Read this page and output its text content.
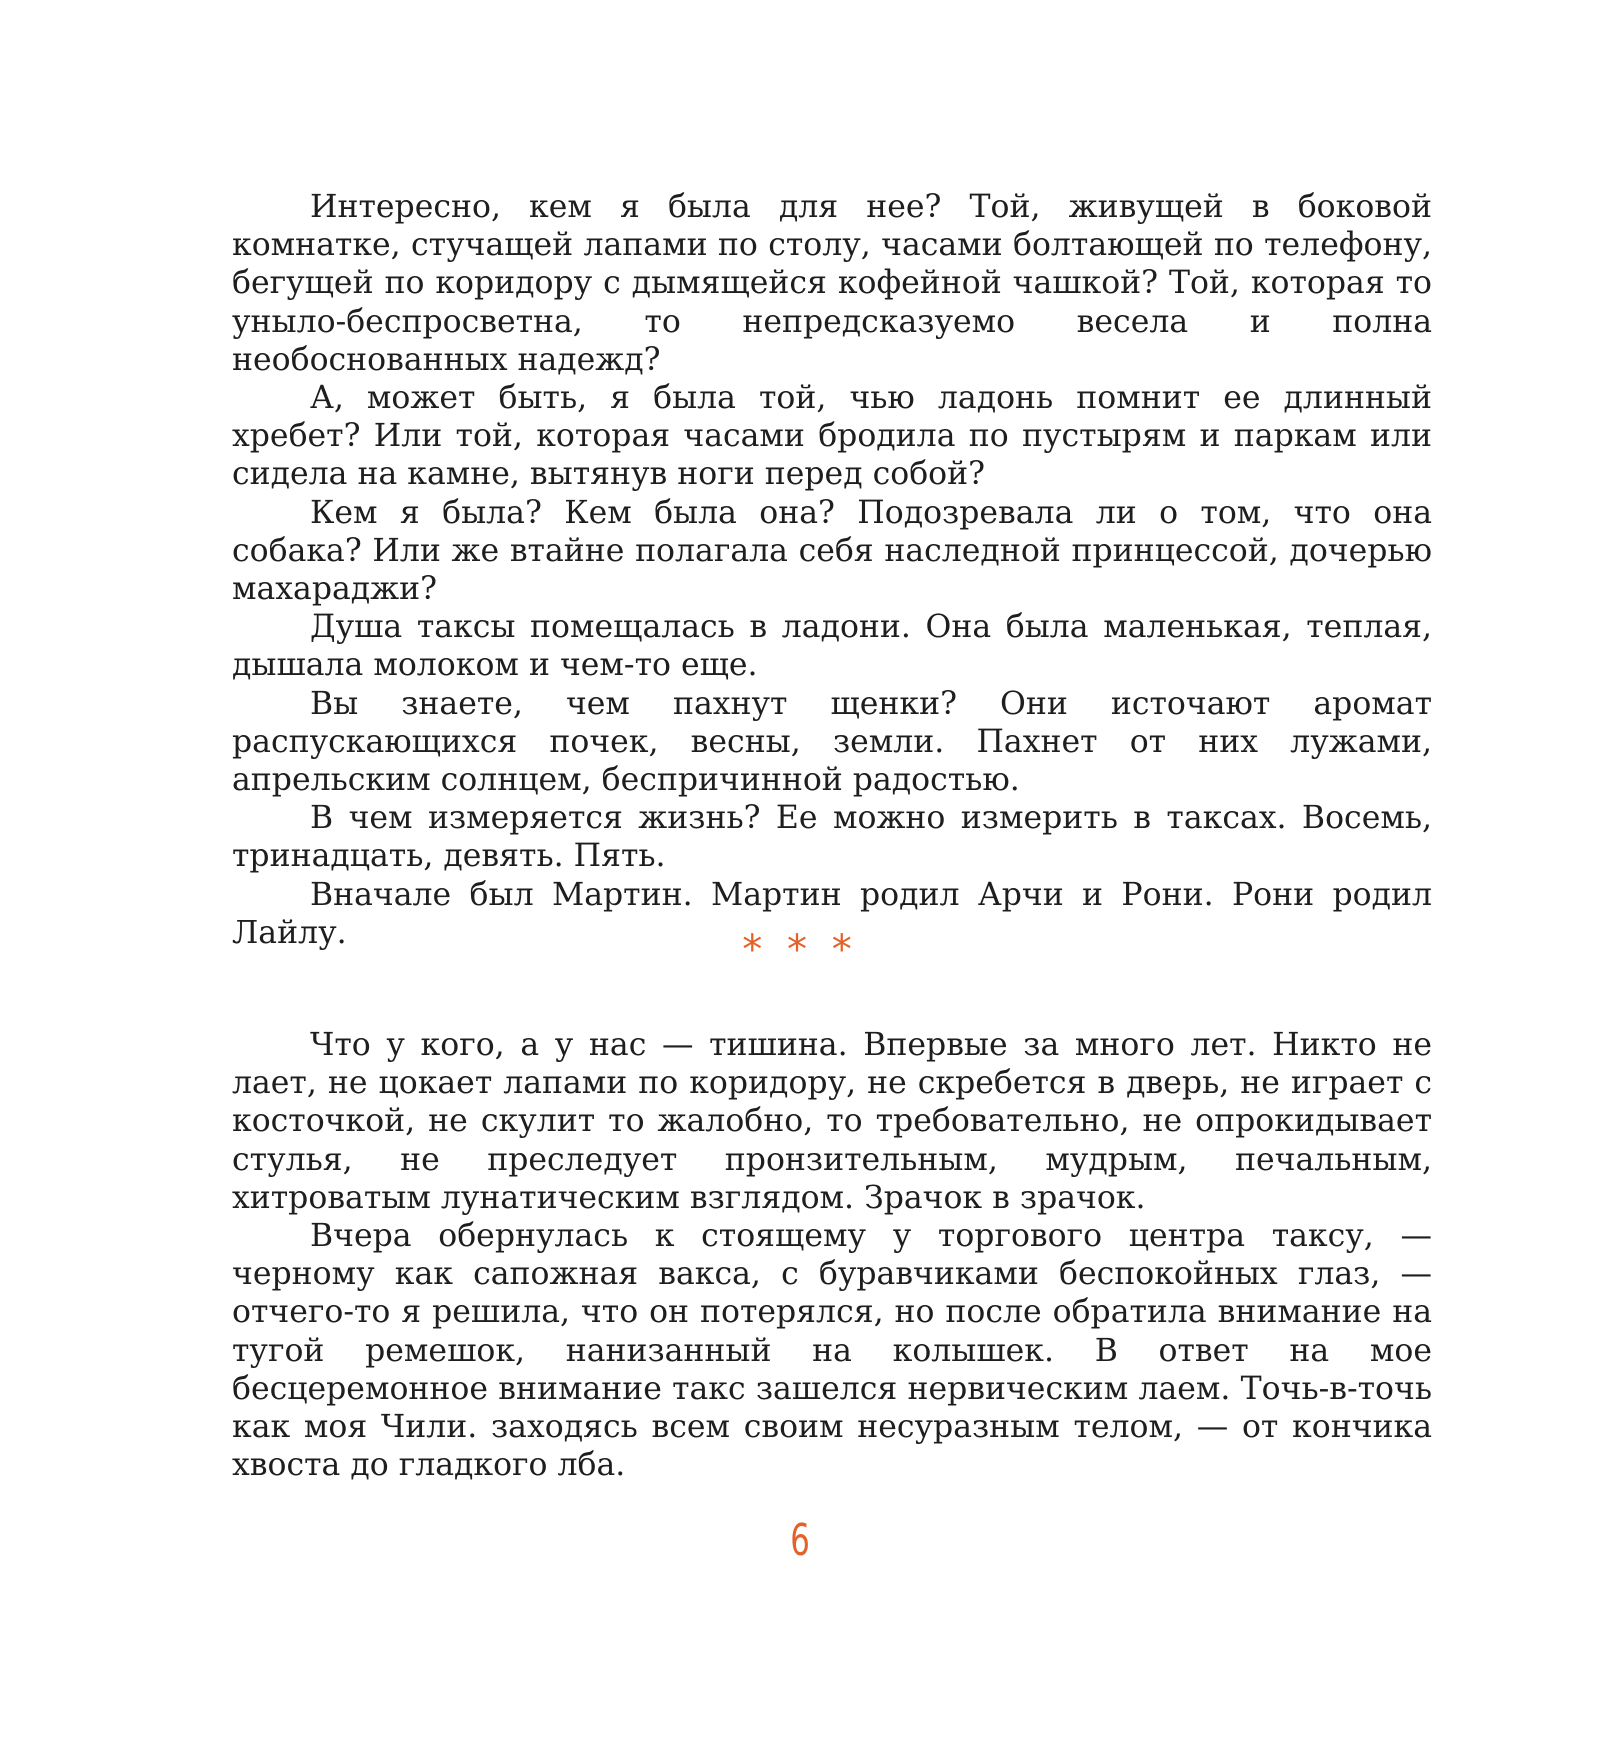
Интересно, кем я была для нее? Той, живущей в боковой комнатке, стучащей лапами по столу, часами болтающей по телефону, бегущей по коридору с дымящейся кофейной чашкой? Той, которая то уныло-беспросветна, то непредсказуемо весела и полна необоснованных надежд?

А, может быть, я была той, чью ладонь помнит ее длинный хребет? Или той, которая часами бродила по пустырям и паркам или сидела на камне, вытянув ноги перед собой?

Кем я была? Кем была она? Подозревала ли о том, что она собака? Или же втайне полагала себя наследной принцессой, дочерью махараджи?

Душа таксы помещалась в ладони. Она была маленькая, теплая, дышала молоком и чем-то еще.

Вы знаете, чем пахнут щенки? Они источают аромат распускающихся почек, весны, земли. Пахнет от них лужами, апрельским солнцем, беспричинной радостью.

В чем измеряется жизнь? Ее можно измерить в таксах. Восемь, тринадцать, девять. Пять.

Вначале был Мартин. Мартин родил Арчи и Рони. Рони родил Лайлу.	* * *

Что у кого, а у нас — тишина. Впервые за много лет. Никто не лает, не цокает лапами по коридору, не скребется в дверь, не играет с косточкой, не скулит то жалобно, то требовательно, не опрокидывает стулья, не преследует пронзительным, мудрым, печальным, хитроватым лунатическим взглядом. Зрачок в зрачок.

Вчера обернулась к стоящему у торгового центра таксу, — черному как сапожная вакса, с буравчиками беспокойных глаз, — отчего-то я решила, что он потерялся, но после обратила внимание на тугой ремешок, нанизанный на колышек. В ответ на мое бесцеремонное внимание такс зашелся нервическим лаем. Точь-в-точь как моя Чили. заходясь всем своим несуразным телом, — от кончика хвоста до гладкого лба.

6
